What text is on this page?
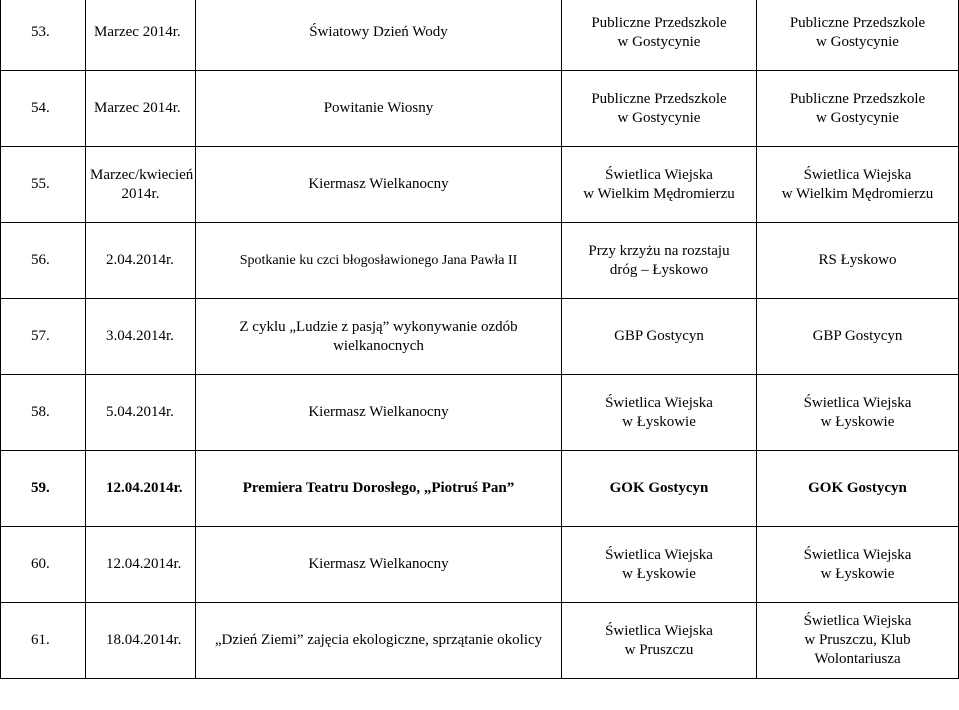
53.	Marzec 2014r.	Światowy Dzień Wody	Publiczne Przedszkole
w Gostycynie	Publiczne Przedszkole
w Gostycynie

54.	Marzec 2014r.	Powitanie Wiosny	Publiczne Przedszkole
w Gostycynie	Publiczne Przedszkole
w Gostycynie

55.	Marzec/kwiecień
2014r.	Kiermasz Wielkanocny	Świetlica Wiejska
w Wielkim Mędromierzu	Świetlica Wiejska
w Wielkim Mędromierzu

56.	2.04.2014r.	Spotkanie ku czci błogosławionego Jana Pawła II	Przy krzyżu na rozstaju
dróg – Łyskowo	RS Łyskowo

57.	3.04.2014r.	Z cyklu „Ludzie z pasją” wykonywanie ozdób
wielkanocnych	GBP Gostycyn	GBP Gostycyn

58.	5.04.2014r.	Kiermasz Wielkanocny	Świetlica Wiejska
w Łyskowie	Świetlica Wiejska
w Łyskowie

59.	12.04.2014r.	Premiera Teatru Dorosłego, „Piotruś Pan”	GOK Gostycyn	GOK Gostycyn

60.	12.04.2014r.	Kiermasz Wielkanocny	Świetlica Wiejska
w Łyskowie	Świetlica Wiejska
w Łyskowie

61.	18.04.2014r.	„Dzień Ziemi” zajęcia ekologiczne, sprzątanie okolicy	Świetlica Wiejska
w Pruszczu	Świetlica Wiejska
w Pruszczu, Klub Wolontariusza
